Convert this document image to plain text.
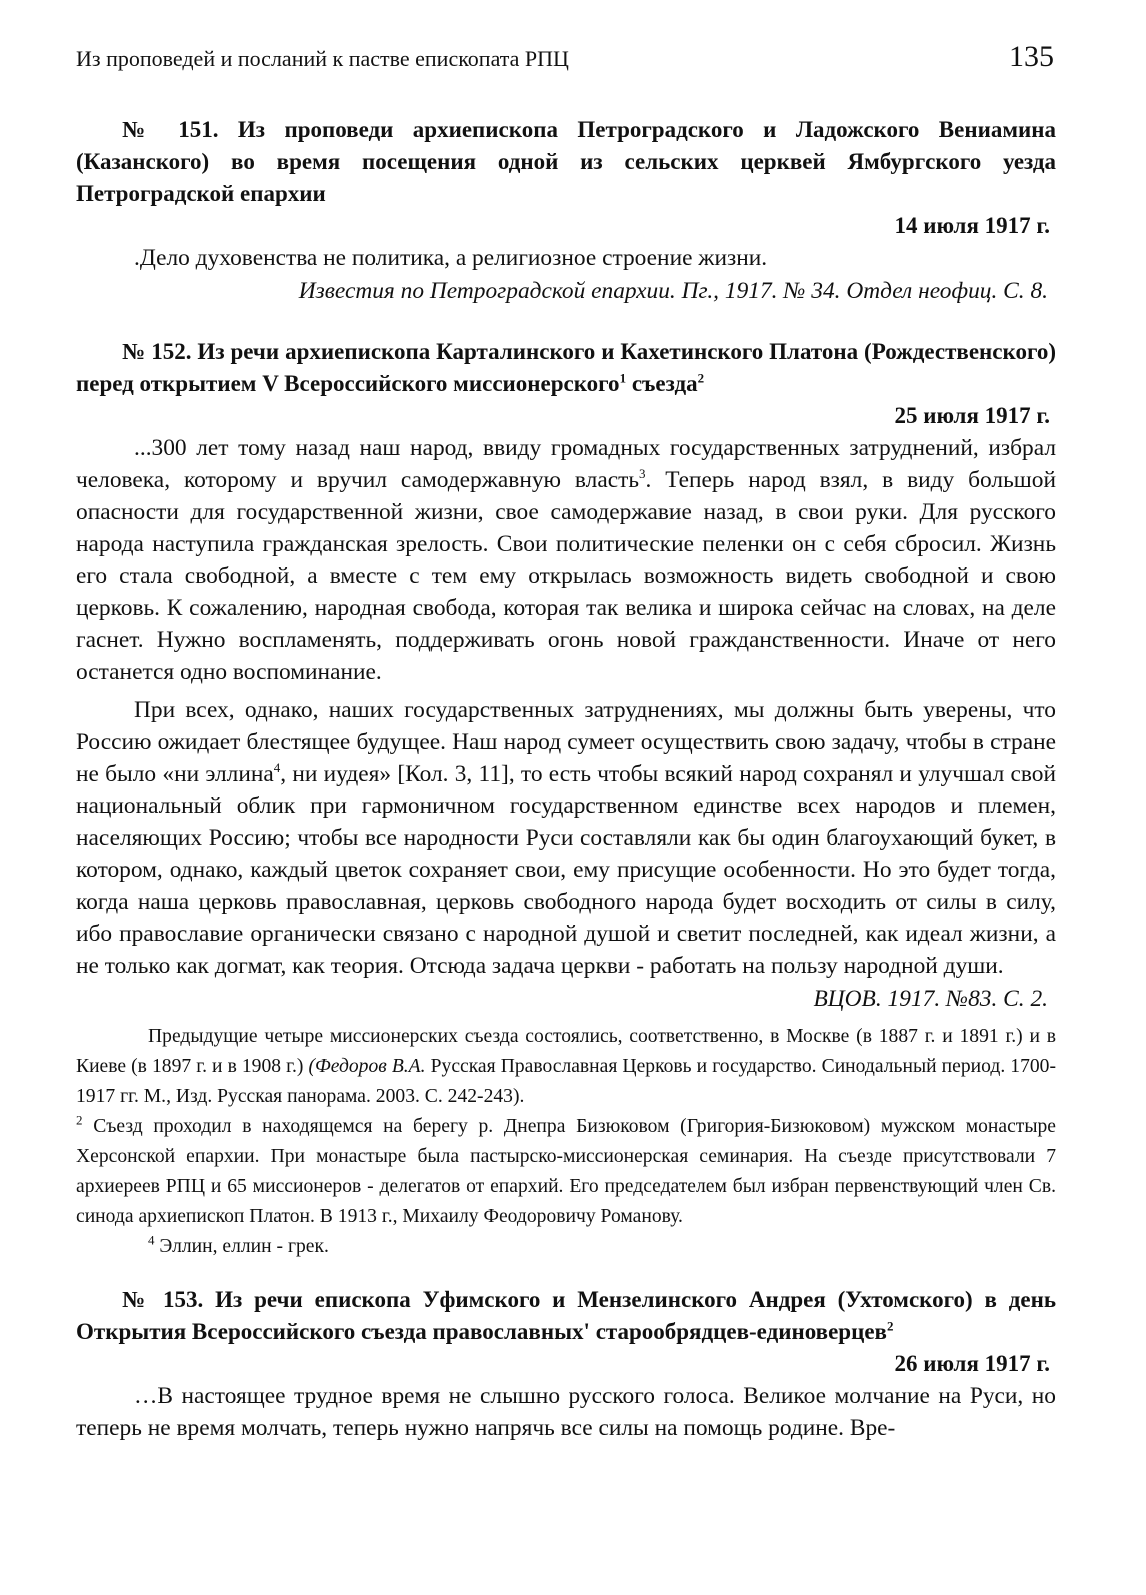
Из проповедей и посланий к пастве епископата РПЦ	135

№ 151. Из проповеди архиепископа Петроградского и Ладожского Вениамина (Казанского) во время посещения одной из сельских церквей Ямбургского уезда Петроградской епархии

14 июля 1917 г.

.Дело духовенства не политика, а религиозное строение жизни.

Известия по Петроградской епархии. Пг., 1917. № 34. Отдел неофиц. С. 8.

№ 152. Из речи архиепископа Карталинского и Кахетинского Платона (Рождественского) перед открытием V Всероссийского миссионерского$^1$ съезда$^2$

25 июля 1917 г.

...300 лет тому назад наш народ, ввиду громадных государственных затруднений, избрал человека, которому и вручил самодержавную власть$^3$. Теперь народ взял, в виду большой опасности для государственной жизни, свое самодержавие назад, в свои руки. Для русского народа наступила гражданская зрелость. Свои политические пеленки он с себя сбросил. Жизнь его стала свободной, а вместе с тем ему открылась возможность видеть свободной и свою церковь. К сожалению, народная свобода, которая так велика и широка сейчас на словах, на деле гаснет. Нужно воспламенять, поддерживать огонь новой гражданственности. Иначе от него останется одно воспоминание.

При всех, однако, наших государственных затруднениях, мы должны быть уверены, что Россию ожидает блестящее будущее. Наш народ сумеет осуществить свою задачу, чтобы в стране не было «ни эллина$^4$, ни иудея» [Кол. 3, 11], то есть чтобы всякий народ сохранял и улучшал свой национальный облик при гармоничном государственном единстве всех народов и племен, населяющих Россию; чтобы все народности Руси составляли как бы один благоухающий букет, в котором, однако, каждый цветок сохраняет свои, ему присущие особенности. Но это будет тогда, когда наша церковь православная, церковь свободного народа будет восходить от силы в силу, ибо православие органически связано с народной душой и светит последней, как идеал жизни, а не только как догмат, как теория. Отсюда задача церкви - работать на пользу народной души.

ВЦОВ. 1917. №83. С. 2.

Предыдущие четыре миссионерских съезда состоялись, соответственно, в Москве (в 1887 г. и 1891 г.) и в Киеве (в 1897 г. и в 1908 г.) (Федоров В.А. Русская Православная Церковь и государство. Синодальный период. 1700-1917 гг. М., Изд. Русская панорама. 2003. С. 242-243).

$^2$ Съезд проходил в находящемся на берегу р. Днепра Бизюковом (Григория-Бизюковом) мужском монастыре Херсонской епархии. При монастыре была пастырско-миссионерская семинария. На съезде присутствовали 7 архиереев РПЦ и 65 миссионеров - делегатов от епархий. Его председателем был избран первенствующий член Св. синода архиепископ Платон. В 1913 г., Михаилу Феодоровичу Романову.

$^4$ Эллин, еллин - грек.

№ 153. Из речи епископа Уфимского и Мензелинского Андрея (Ухтомского) в день Открытия Всероссийского съезда православных' старообрядцев-единоверцев$^2$

26 июля 1917 г.

…В настоящее трудное время не слышно русского голоса. Великое молчание на Руси, но теперь не время молчать, теперь нужно напрячь все силы на помощь родине. Вре-
